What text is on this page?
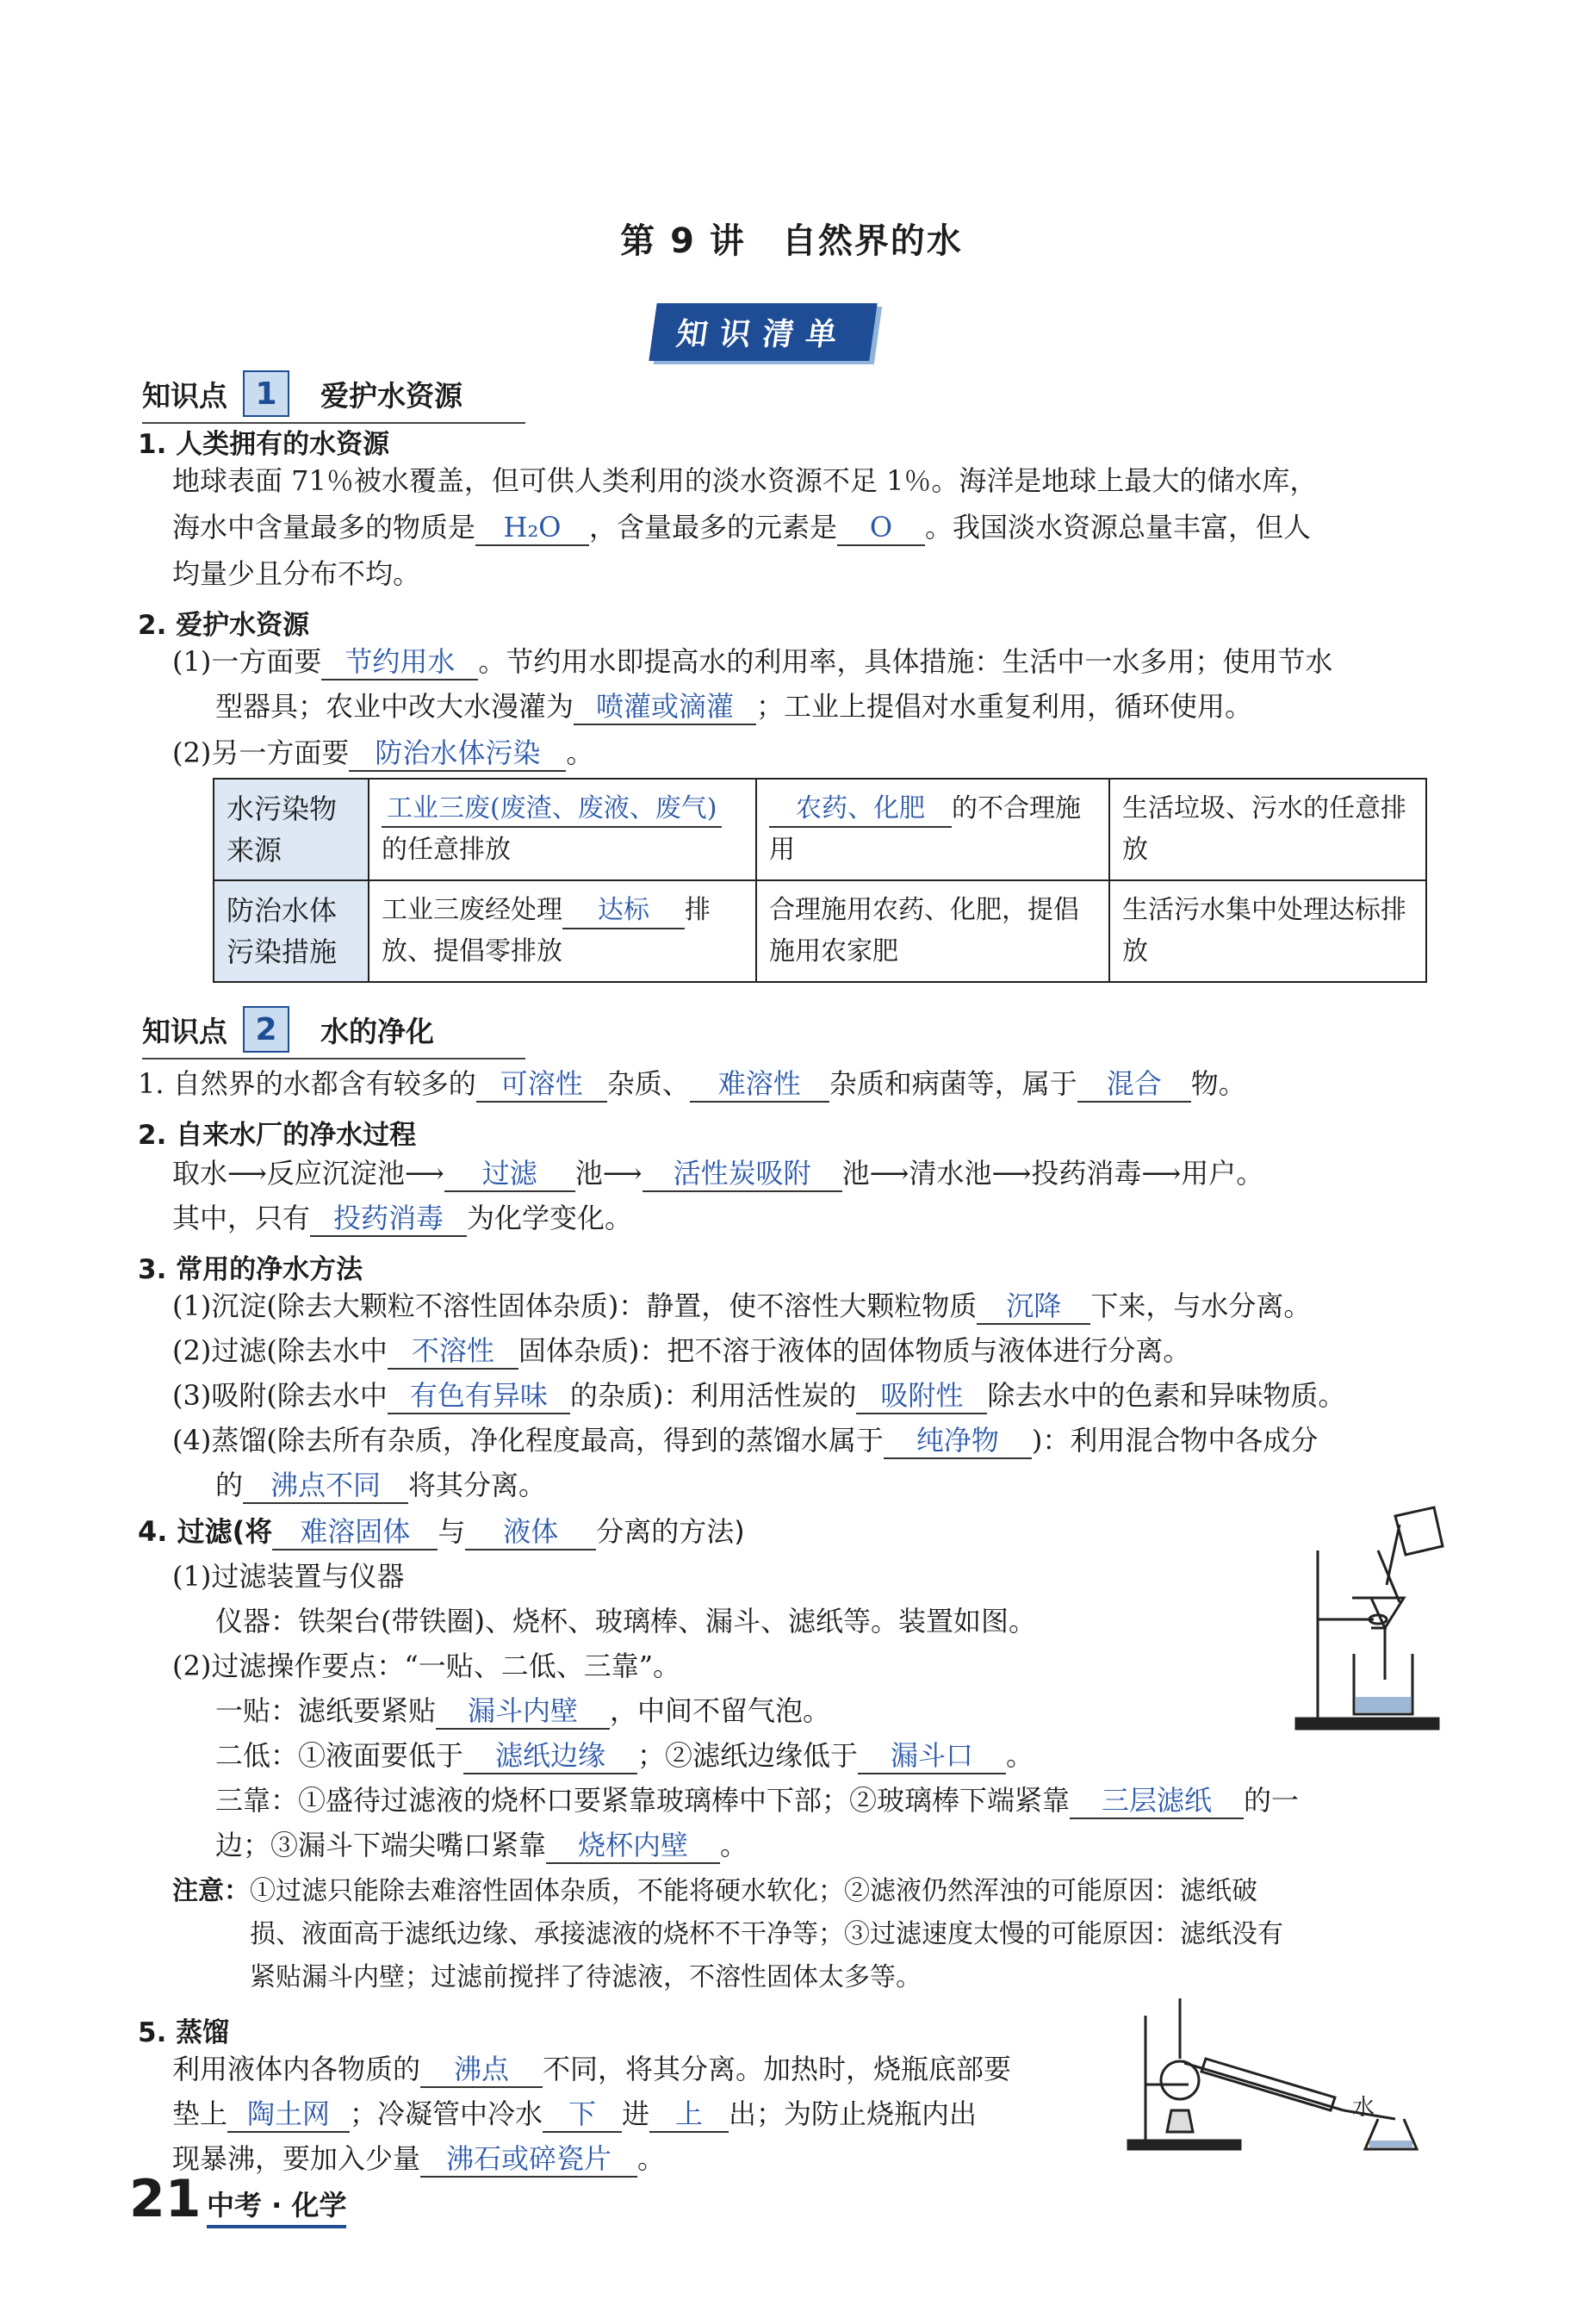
第 9 讲　自然界的水
知识清单
知识点 1	爱护水资源
1. 人类拥有的水资源
地球表面 71％被水覆盖，但可供人类利用的淡水资源不足 1％。海洋是地球上最大的储水库，
海水中含量最多的物质是 H₂O ，含量最多的元素是 O 。我国淡水资源总量丰富，但人
均量少且分布不均。
2. 爱护水资源
(1)一方面要 节约用水 。节约用水即提高水的利用率，具体措施：生活中一水多用；使用节水
型器具；农业中改大水漫灌为 喷灌或滴灌 ；工业上提倡对水重复利用，循环使用。
(2)另一方面要 防治水体污染 。
水污染物来源	工业三废(废渣、废液、废气)的任意排放	农药、化肥 的不合理施用	生活垃圾、污水的任意排放
防治水体污染措施	工业三废经处理 达标 排放、提倡零排放	合理施用农药、化肥，提倡施用农家肥	生活污水集中处理达标排放
知识点 2	水的净化
1. 自然界的水都含有较多的 可溶性 杂质、 难溶性 杂质和病菌等，属于 混合 物。
2. 自来水厂的净水过程
取水⟶反应沉淀池⟶ 过滤 池⟶ 活性炭吸附 池⟶清水池⟶投药消毒⟶用户。
其中，只有 投药消毒 为化学变化。
3. 常用的净水方法
(1)沉淀(除去大颗粒不溶性固体杂质)：静置，使不溶性大颗粒物质 沉降 下来，与水分离。
(2)过滤(除去水中 不溶性 固体杂质)：把不溶于液体的固体物质与液体进行分离。
(3)吸附(除去水中 有色有异味 的杂质)：利用活性炭的 吸附性 除去水中的色素和异味物质。
(4)蒸馏(除去所有杂质，净化程度最高，得到的蒸馏水属于 纯净物 )：利用混合物中各成分
的 沸点不同 将其分离。
4. 过滤(将 难溶固体 与 液体 分离的方法)
(1)过滤装置与仪器
仪器：铁架台(带铁圈)、烧杯、玻璃棒、漏斗、滤纸等。装置如图。
(2)过滤操作要点：“一贴、二低、三靠”。
一贴：滤纸要紧贴 漏斗内壁 ，中间不留气泡。
二低：①液面要低于 滤纸边缘 ；②滤纸边缘低于 漏斗口 。
三靠：①盛待过滤液的烧杯口要紧靠玻璃棒中下部；②玻璃棒下端紧靠 三层滤纸 的一
边；③漏斗下端尖嘴口紧靠 烧杯内壁 。
注意：①过滤只能除去难溶性固体杂质，不能将硬水软化；②滤液仍然浑浊的可能原因：滤纸破
损、液面高于滤纸边缘、承接滤液的烧杯不干净等；③过滤速度太慢的可能原因：滤纸没有
紧贴漏斗内壁；过滤前搅拌了待滤液，不溶性固体太多等。
5. 蒸馏
利用液体内各物质的 沸点 不同，将其分离。加热时，烧瓶底部要
垫上 陶土网 ；冷凝管中冷水 下 进 上 出；为防止烧瓶内出
现暴沸，要加入少量 沸石或碎瓷片 。
水
21 中考 · 化学
